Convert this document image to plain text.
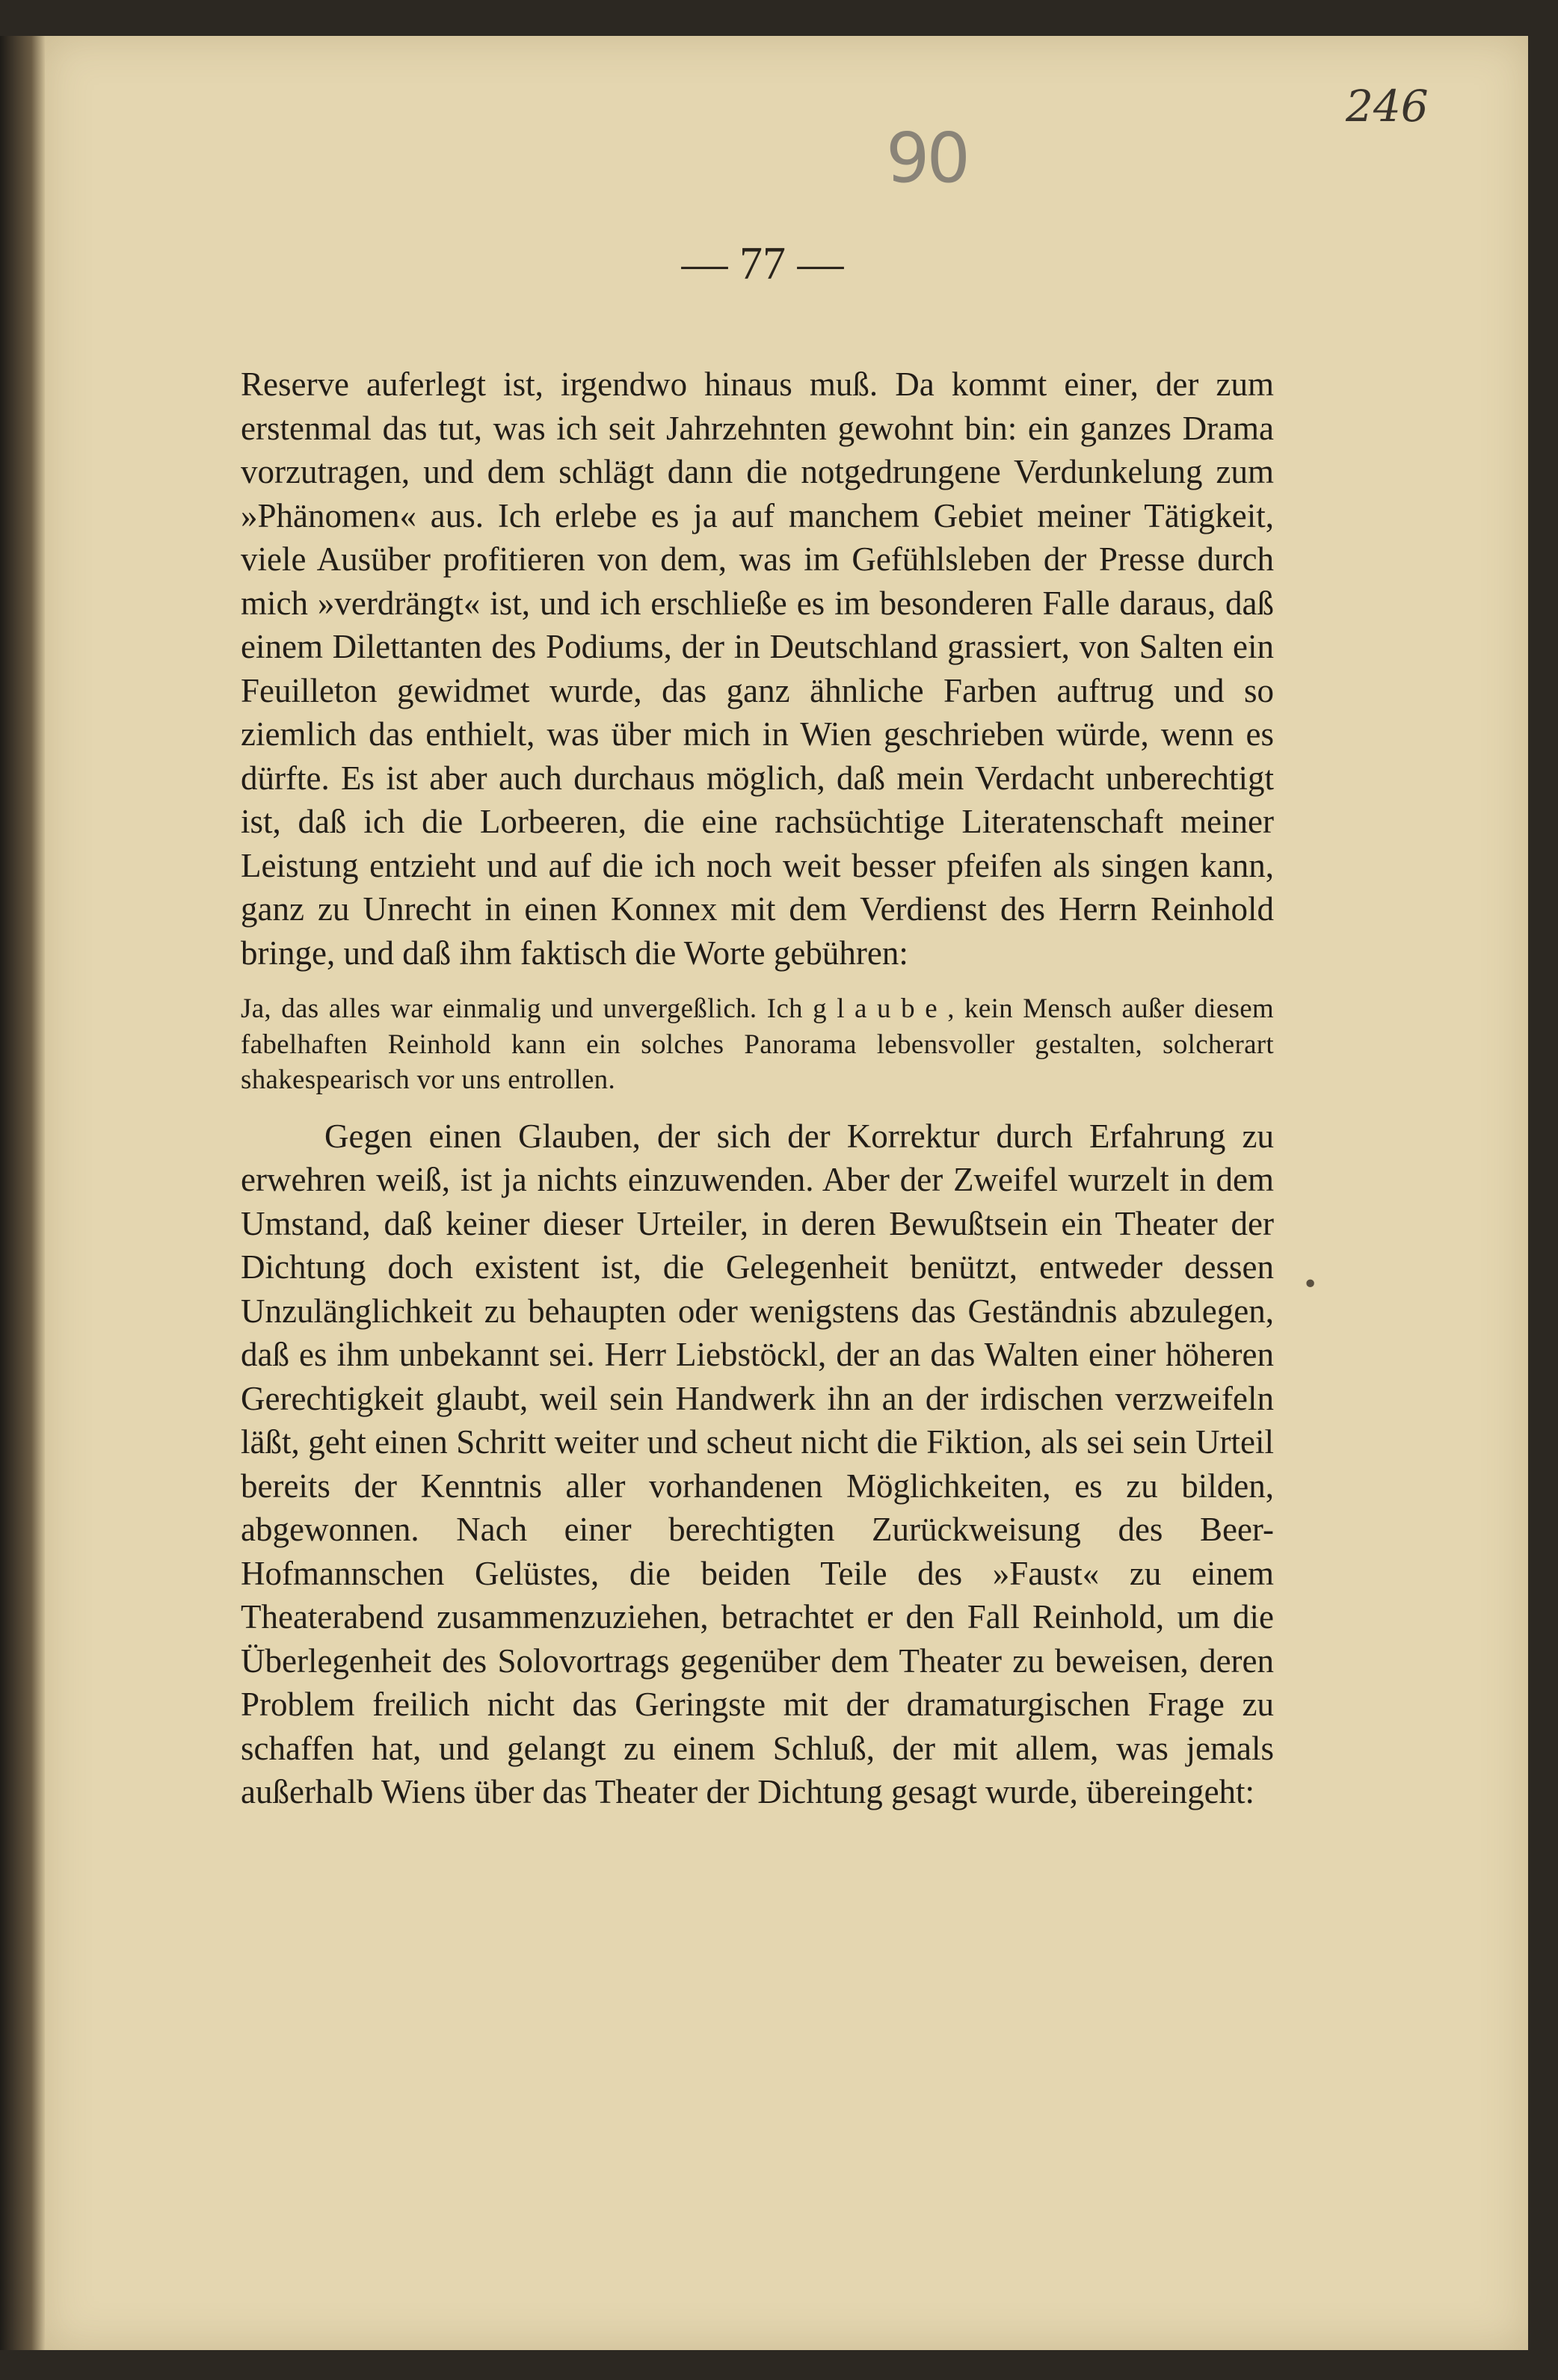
246
90
— 77 —

Reserve auferlegt ist, irgendwo hinaus muß. Da kommt einer, der zum erstenmal das tut, was ich seit Jahrzehnten gewohnt bin: ein ganzes Drama vorzutragen, und dem schlägt dann die notgedrungene Verdunkelung zum »Phänomen« aus. Ich erlebe es ja auf manchem Gebiet meiner Tätigkeit, viele Ausüber profitieren von dem, was im Gefühlsleben der Presse durch mich »verdrängt« ist, und ich erschließe es im besonderen Falle daraus, daß einem Dilettanten des Podiums, der in Deutschland grassiert, von Salten ein Feuilleton gewidmet wurde, das ganz ähnliche Farben auftrug und so ziemlich das enthielt, was über mich in Wien geschrieben würde, wenn es dürfte. Es ist aber auch durchaus möglich, daß mein Verdacht unberechtigt ist, daß ich die Lorbeeren, die eine rachsüchtige Literatenschaft meiner Leistung entzieht und auf die ich noch weit besser pfeifen als singen kann, ganz zu Unrecht in einen Konnex mit dem Verdienst des Herrn Reinhold bringe, und daß ihm faktisch die Worte gebühren:

Ja, das alles war einmalig und unvergeßlich. Ich g l a u b e , kein Mensch außer diesem fabelhaften Reinhold kann ein solches Panorama lebensvoller gestalten, solcherart shakespearisch vor uns entrollen.

Gegen einen Glauben, der sich der Korrektur durch Erfahrung zu erwehren weiß, ist ja nichts einzuwenden. Aber der Zweifel wurzelt in dem Umstand, daß keiner dieser Urteiler, in deren Bewußtsein ein Theater der Dichtung doch existent ist, die Gelegenheit benützt, entweder dessen Unzulänglichkeit zu behaupten oder wenigstens das Geständnis abzulegen, daß es ihm unbekannt sei. Herr Liebstöckl, der an das Walten einer höheren Gerechtigkeit glaubt, weil sein Handwerk ihn an der irdischen verzweifeln läßt, geht einen Schritt weiter und scheut nicht die Fiktion, als sei sein Urteil bereits der Kenntnis aller vorhandenen Möglichkeiten, es zu bilden, abgewonnen. Nach einer berechtigten Zurückweisung des Beer-Hofmannschen Gelüstes, die beiden Teile des »Faust« zu einem Theaterabend zusammenzuziehen, betrachtet er den Fall Reinhold, um die Überlegenheit des Solovortrags gegenüber dem Theater zu beweisen, deren Problem freilich nicht das Geringste mit der dramaturgischen Frage zu schaffen hat, und gelangt zu einem Schluß, der mit allem, was jemals außerhalb Wiens über das Theater der Dichtung gesagt wurde, übereingeht:

•
